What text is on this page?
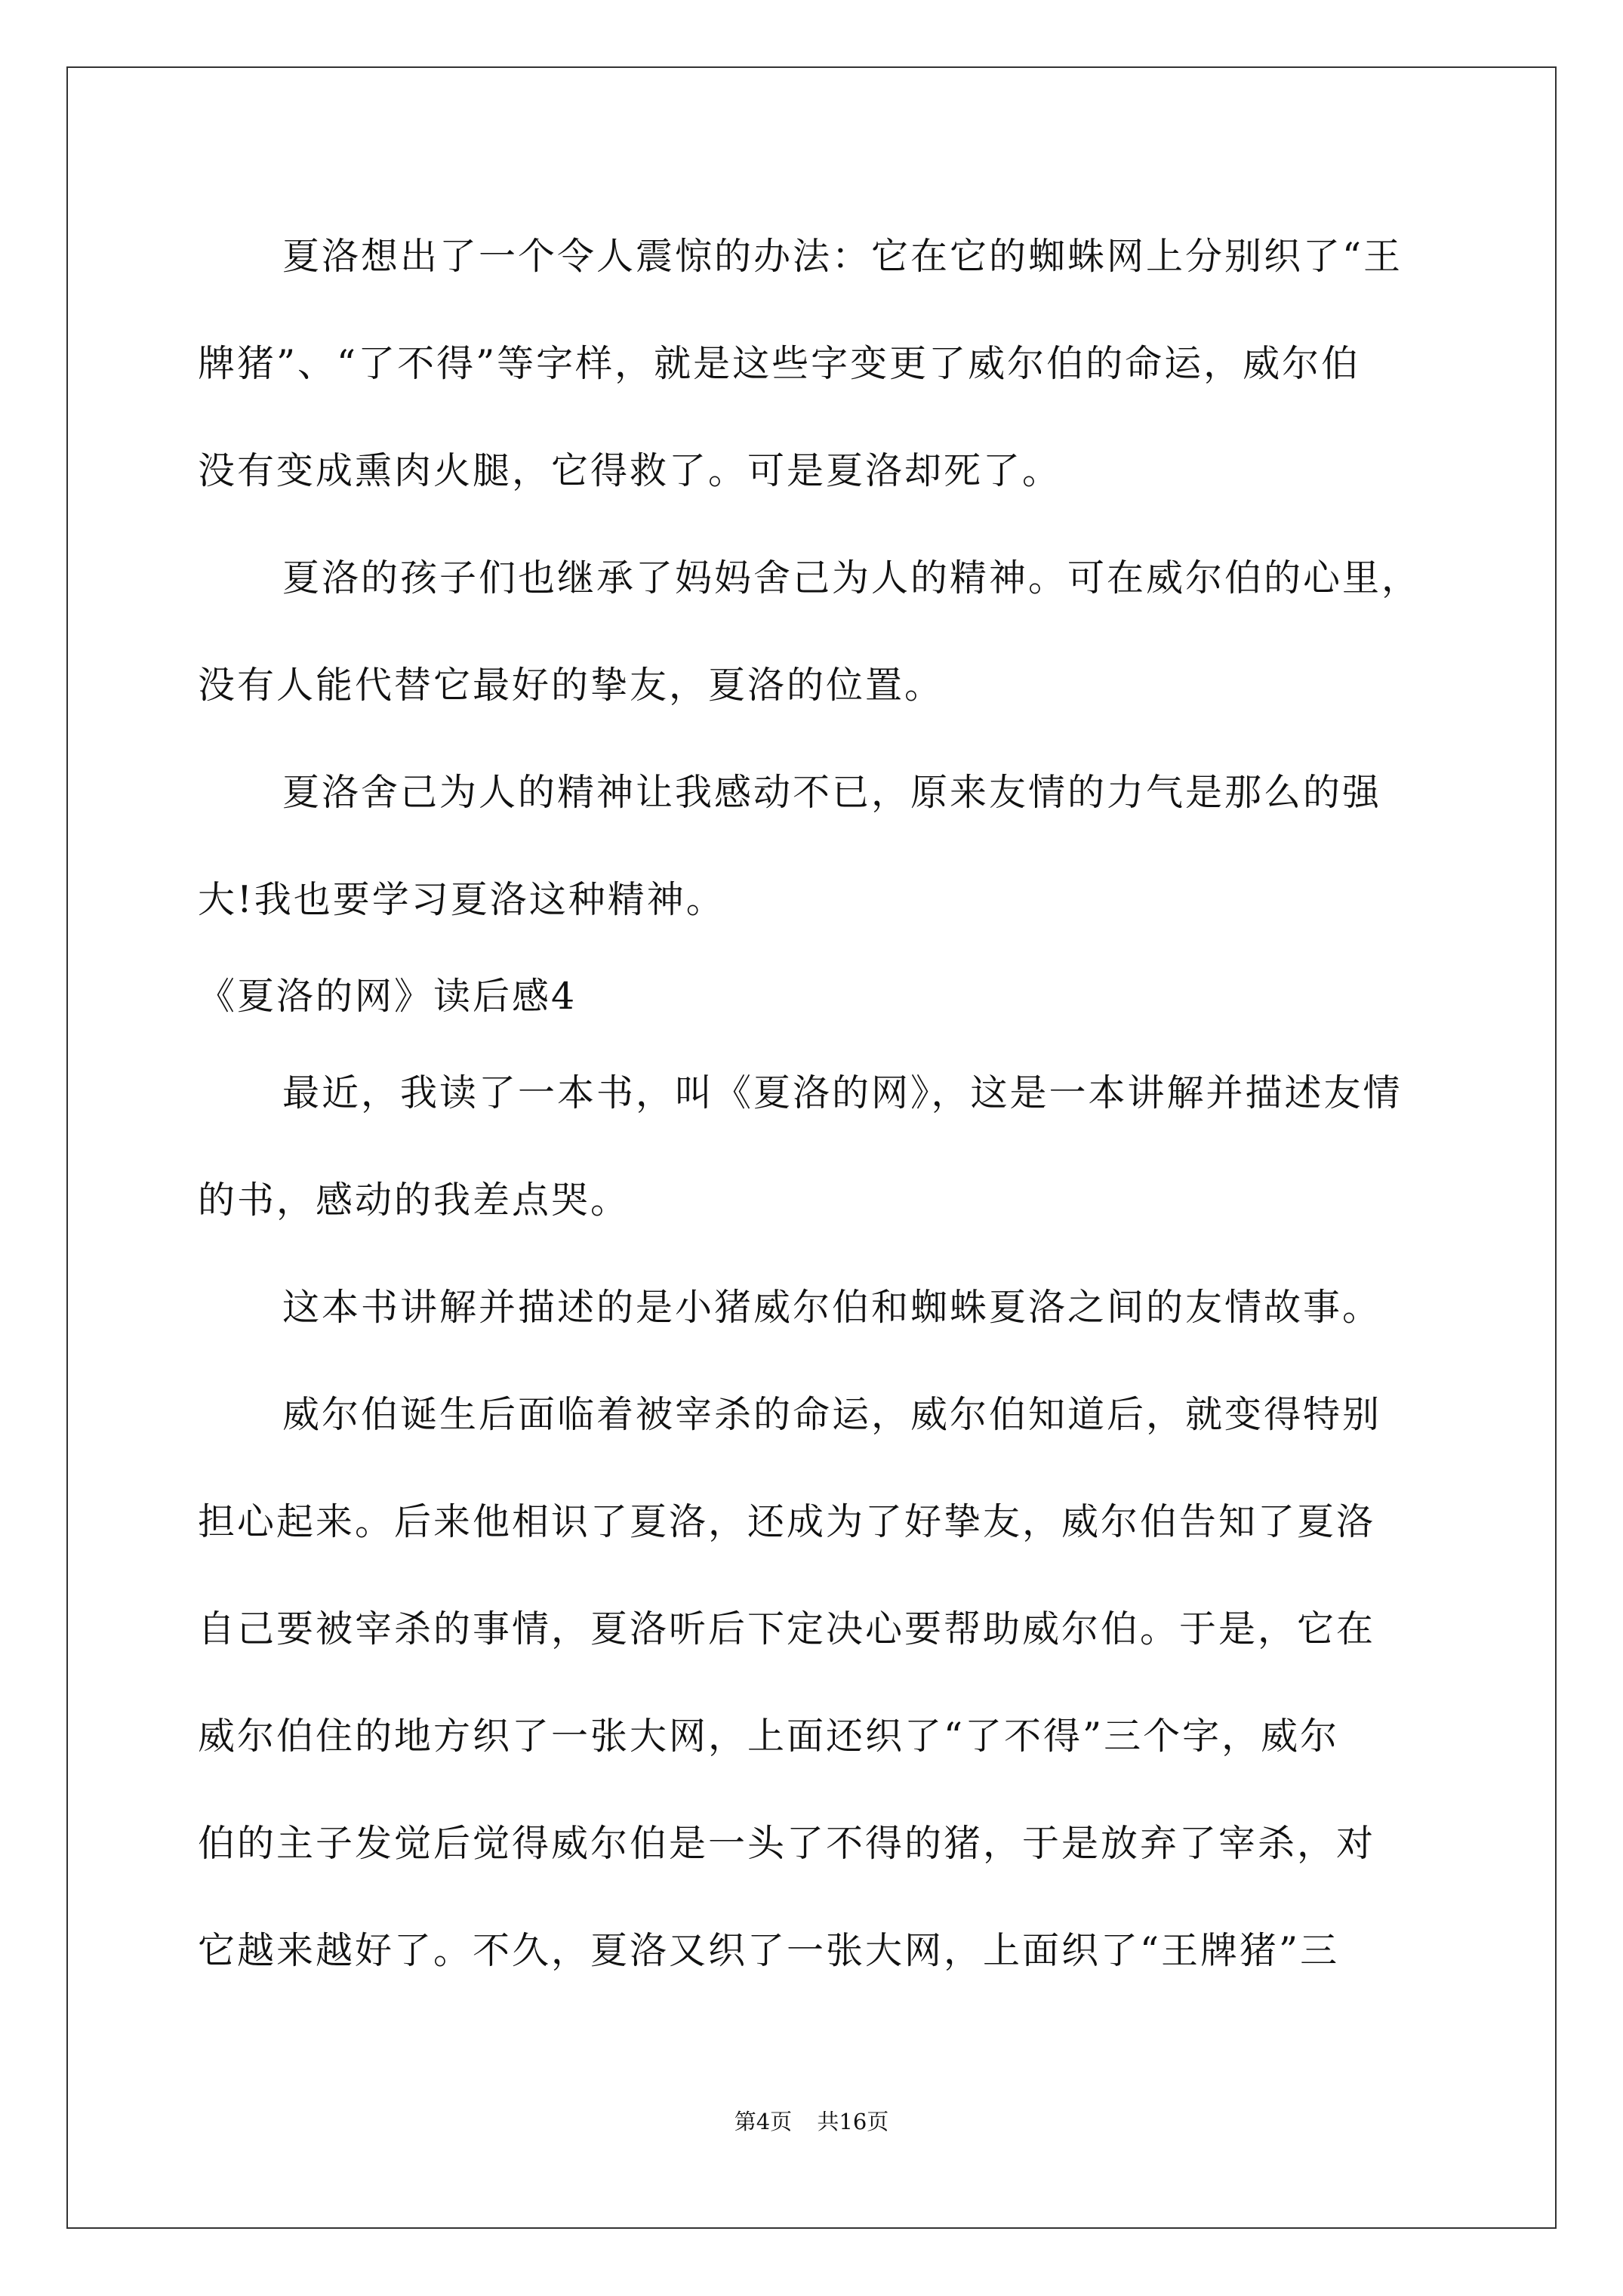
夏洛想出了一个令人震惊的办法：它在它的蜘蛛网上分别织了“王
牌猪”、“了不得”等字样，就是这些字变更了威尔伯的命运，威尔伯
没有变成熏肉火腿，它得救了。可是夏洛却死了。
夏洛的孩子们也继承了妈妈舍己为人的精神。可在威尔伯的心里，
没有人能代替它最好的挚友，夏洛的位置。
夏洛舍己为人的精神让我感动不已，原来友情的力气是那么的强
大!我也要学习夏洛这种精神。
《夏洛的网》读后感4
最近，我读了一本书，叫《夏洛的网》，这是一本讲解并描述友情
的书，感动的我差点哭。
这本书讲解并描述的是小猪威尔伯和蜘蛛夏洛之间的友情故事。
威尔伯诞生后面临着被宰杀的命运，威尔伯知道后，就变得特别
担心起来。后来他相识了夏洛，还成为了好挚友，威尔伯告知了夏洛
自己要被宰杀的事情，夏洛听后下定决心要帮助威尔伯。于是，它在
威尔伯住的地方织了一张大网，上面还织了“了不得”三个字，威尔
伯的主子发觉后觉得威尔伯是一头了不得的猪，于是放弃了宰杀，对
它越来越好了。不久，夏洛又织了一张大网，上面织了“王牌猪”三
第4页 共16页
